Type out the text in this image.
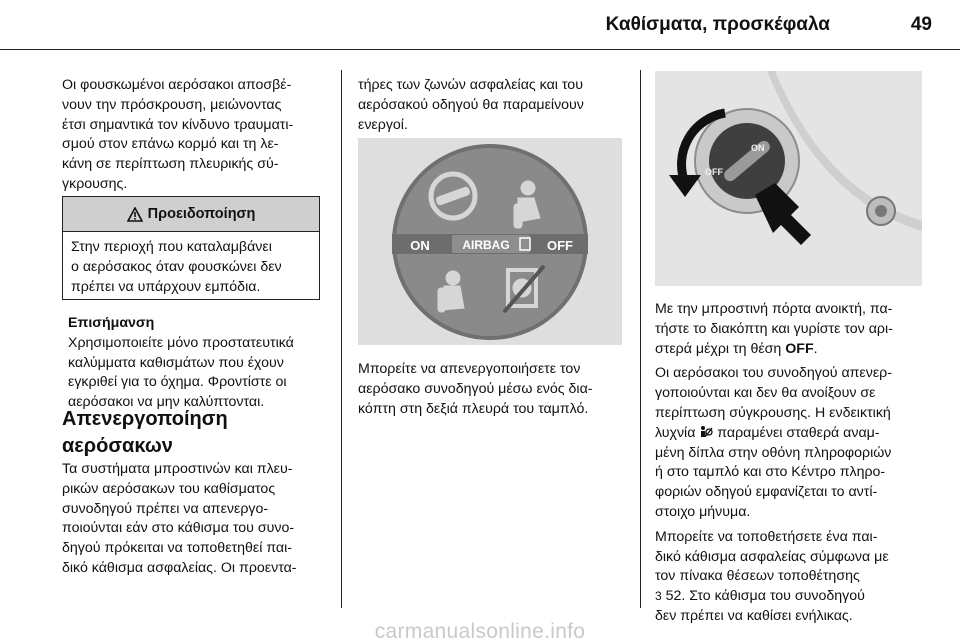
Καθίσματα, προσκέφαλα	49

Οι φουσκωμένοι αερόσακοι αποσβέ-

νουν την πρόσκρουση, μειώνοντας

έτσι σημαντικά τον κίνδυνο τραυματι-

σμού στον επάνω κορμό και τη λε-

κάνη σε περίπτωση πλευρικής σύ-

γκρουσης.

Προειδοποίηση

Στην περιοχή που καταλαμβάνει

ο αερόσακος όταν φουσκώνει δεν

πρέπει να υπάρχουν εμπόδια.

Επισήμανση

Χρησιμοποιείτε μόνο προστατευτικά

καλύμματα καθισμάτων που έχουν

εγκριθεί για το όχημα. Φροντίστε οι

αερόσακοι να μην καλύπτονται.

Απενεργοποίηση
αερόσακων

Τα συστήματα μπροστινών και πλευ-

ρικών αερόσακων του καθίσματος

συνοδηγού πρέπει να απενεργο-

ποιούνται εάν στο κάθισμα του συνο-

δηγού πρόκειται να τοποθετηθεί παι-

δικό κάθισμα ασφαλείας. Οι προεντα-

τήρες των ζωνών ασφαλείας και του

αερόσακού οδηγού θα παραμείνουν

ενεργοί.

ON	AIRBAG	OFF

Μπορείτε να απενεργοποιήσετε τον

αερόσακο συνοδηγού μέσω ενός δια-

κόπτη στη δεξιά πλευρά του ταμπλό.

ON
OFF

Με την μπροστινή πόρτα ανοικτή, πα-

τήστε το διακόπτη και γυρίστε τον αρι-

στερά μέχρι τη θέση OFF.

Οι αερόσακοι του συνοδηγού απενερ-

γοποιούνται και δεν θα ανοίξουν σε

περίπτωση σύγκρουσης. Η ενδεικτική

λυχνία  παραμένει σταθερά αναμ-

μένη δίπλα στην οθόνη πληροφοριών

ή στο ταμπλό και στο Κέντρο πληρο-

φοριών οδηγού εμφανίζεται το αντί-

στοιχο μήνυμα.

Μπορείτε να τοποθετήσετε ένα παι-

δικό κάθισμα ασφαλείας σύμφωνα με

τον πίνακα θέσεων τοποθέτησης

3 52. Στο κάθισμα του συνοδηγού

δεν πρέπει να καθίσει ενήλικας.

carmanualsonline.info
